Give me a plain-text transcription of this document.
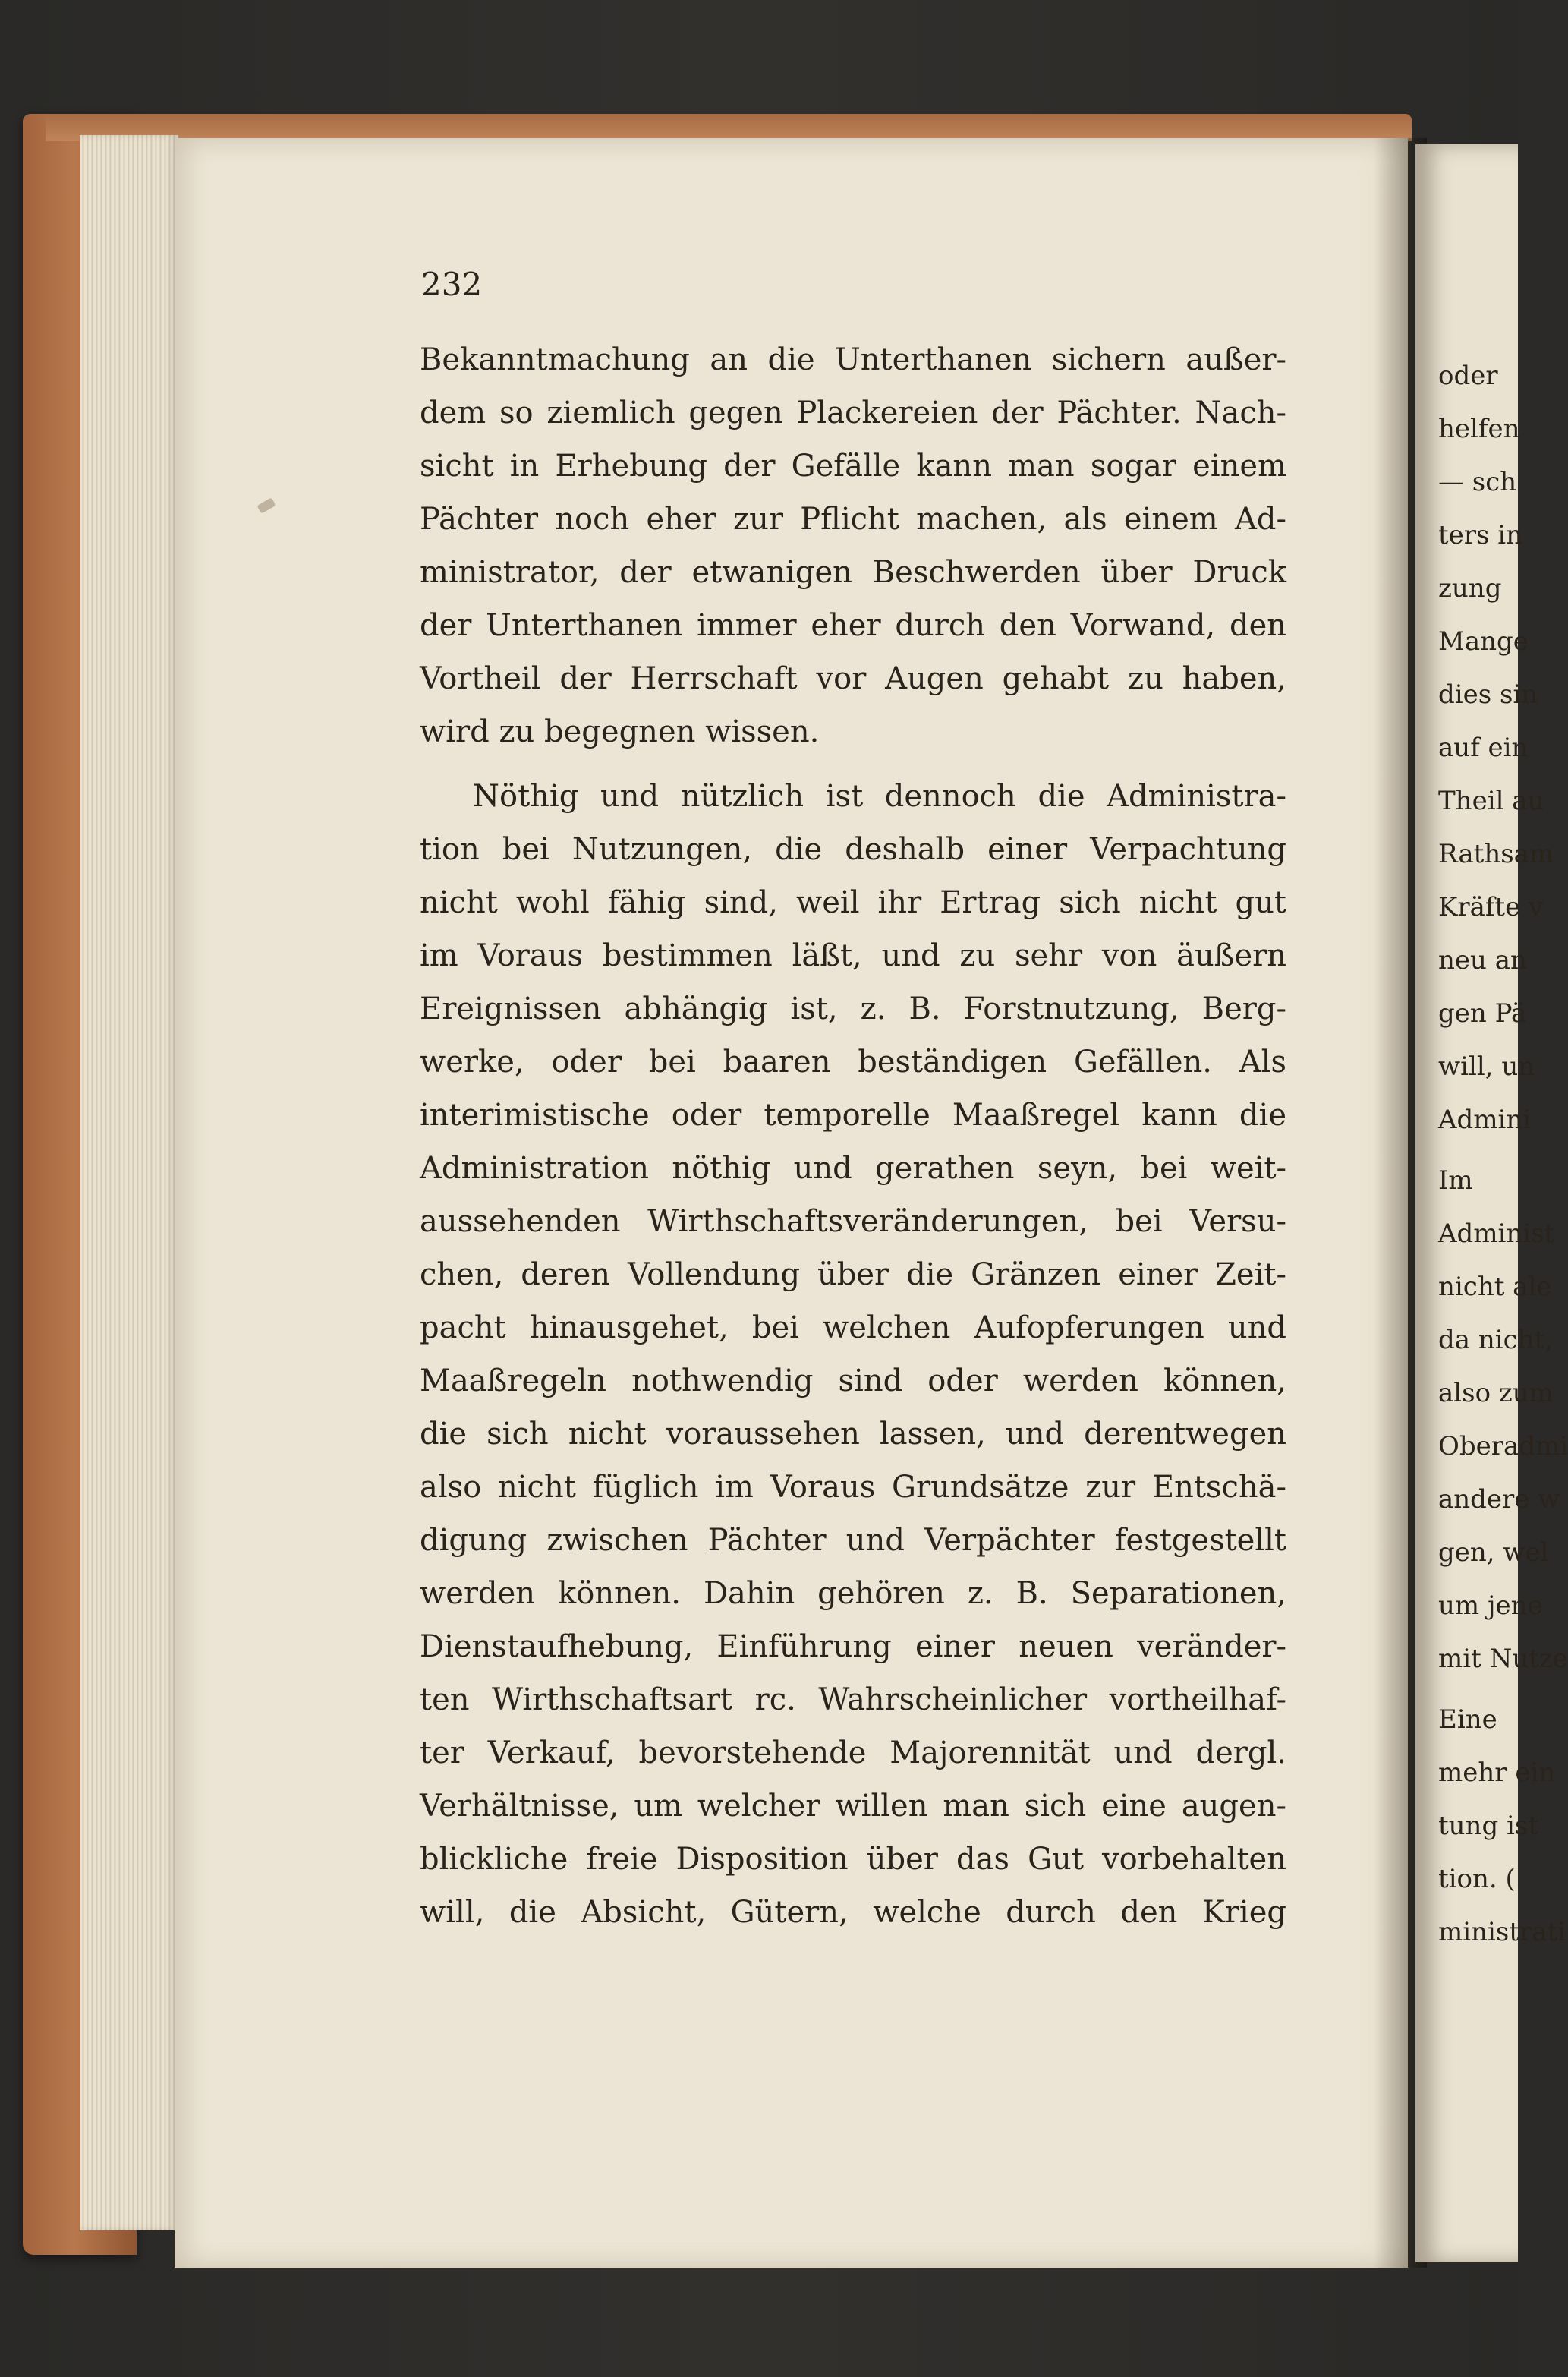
232
Bekanntmachung an die Unterthanen sichern außer-
dem so ziemlich gegen Plackereien der Pächter. Nach-
sicht in Erhebung der Gefälle kann man sogar einem
Pächter noch eher zur Pflicht machen, als einem Ad-
ministrator, der etwanigen Beschwerden über Druck
der Unterthanen immer eher durch den Vorwand, den
Vortheil der Herrschaft vor Augen gehabt zu haben,
wird zu begegnen wissen.
Nöthig und nützlich ist dennoch die Administra-
tion bei Nutzungen, die deshalb einer Verpachtung
nicht wohl fähig sind, weil ihr Ertrag sich nicht gut
im Voraus bestimmen läßt, und zu sehr von äußern
Ereignissen abhängig ist, z. B. Forstnutzung, Berg-
werke, oder bei baaren beständigen Gefällen. Als
interimistische oder temporelle Maaßregel kann die
Administration nöthig und gerathen seyn, bei weit-
aussehenden Wirthschaftsveränderungen, bei Versu-
chen, deren Vollendung über die Gränzen einer Zeit-
pacht hinausgehet, bei welchen Aufopferungen und
Maaßregeln nothwendig sind oder werden können,
die sich nicht voraussehen lassen, und derentwegen
also nicht füglich im Voraus Grundsätze zur Entschä-
digung zwischen Pächter und Verpächter festgestellt
werden können. Dahin gehören z. B. Separationen,
Dienstaufhebung, Einführung einer neuen veränder-
ten Wirthschaftsart rc. Wahrscheinlicher vortheilhaf-
ter Verkauf, bevorstehende Majorennität und dergl.
Verhältnisse, um welcher willen man sich eine augen-
blickliche freie Disposition über das Gut vorbehalten
will, die Absicht, Gütern, welche durch den Krieg
oder
helfen
— sch
ters in
zung
Mange
dies sin
auf ein
Theil au
Rathsam
Kräfte v
neu an
gen Pä
will, un
Admini
Im
Administ
nicht ale
da nicht,
also zum
Oberadmi
andere w
gen, wel
um jene
mit Nutze
Eine
mehr ein
tung ist
tion. (
ministrati
